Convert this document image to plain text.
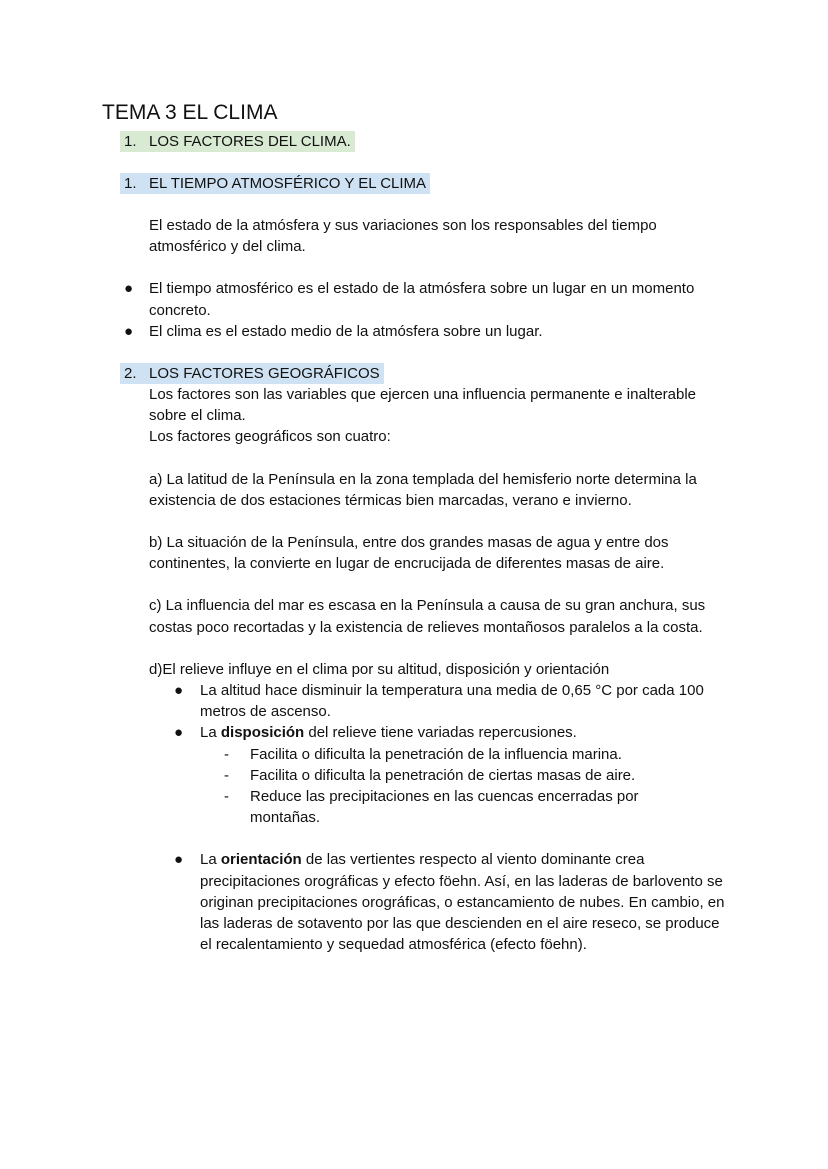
TEMA 3 EL CLIMA
1. LOS FACTORES DEL CLIMA.
1. EL TIEMPO ATMOSFÉRICO Y EL CLIMA
El estado de la atmósfera y sus variaciones son los responsables del tiempo atmosférico y del clima.
● El tiempo atmosférico es el estado de la atmósfera sobre un lugar en un momento concreto.
● El clima es el estado medio de la atmósfera sobre un lugar.
2. LOS FACTORES GEOGRÁFICOS
Los factores son las variables que ejercen una influencia permanente e inalterable sobre el clima.
Los factores geográficos son cuatro:
a) La latitud de la Península en la zona templada del hemisferio norte determina la existencia de dos estaciones térmicas bien marcadas, verano e invierno.
b) La situación de la Península, entre dos grandes masas de agua y entre dos continentes, la convierte en lugar de encrucijada de diferentes masas de aire.
c) La influencia del mar es escasa en la Península a causa de su gran anchura, sus costas poco recortadas y la existencia de relieves montañosos paralelos a la costa.
d)El relieve influye en el clima por su altitud, disposición y orientación
● La altitud hace disminuir la temperatura una media de 0,65 °C por cada 100 metros de ascenso.
● La disposición del relieve tiene variadas repercusiones.
- Facilita o dificulta la penetración de la influencia marina.
- Facilita o dificulta la penetración de ciertas masas de aire.
- Reduce las precipitaciones en las cuencas encerradas por montañas.
● La orientación de las vertientes respecto al viento dominante crea precipitaciones orográficas y efecto föehn. Así, en las laderas de barlovento se originan precipitaciones orográficas, o estancamiento de nubes. En cambio, en las laderas de sotavento por las que descienden en el aire reseco, se produce el recalentamiento y sequedad atmosférica (efecto föehn).
